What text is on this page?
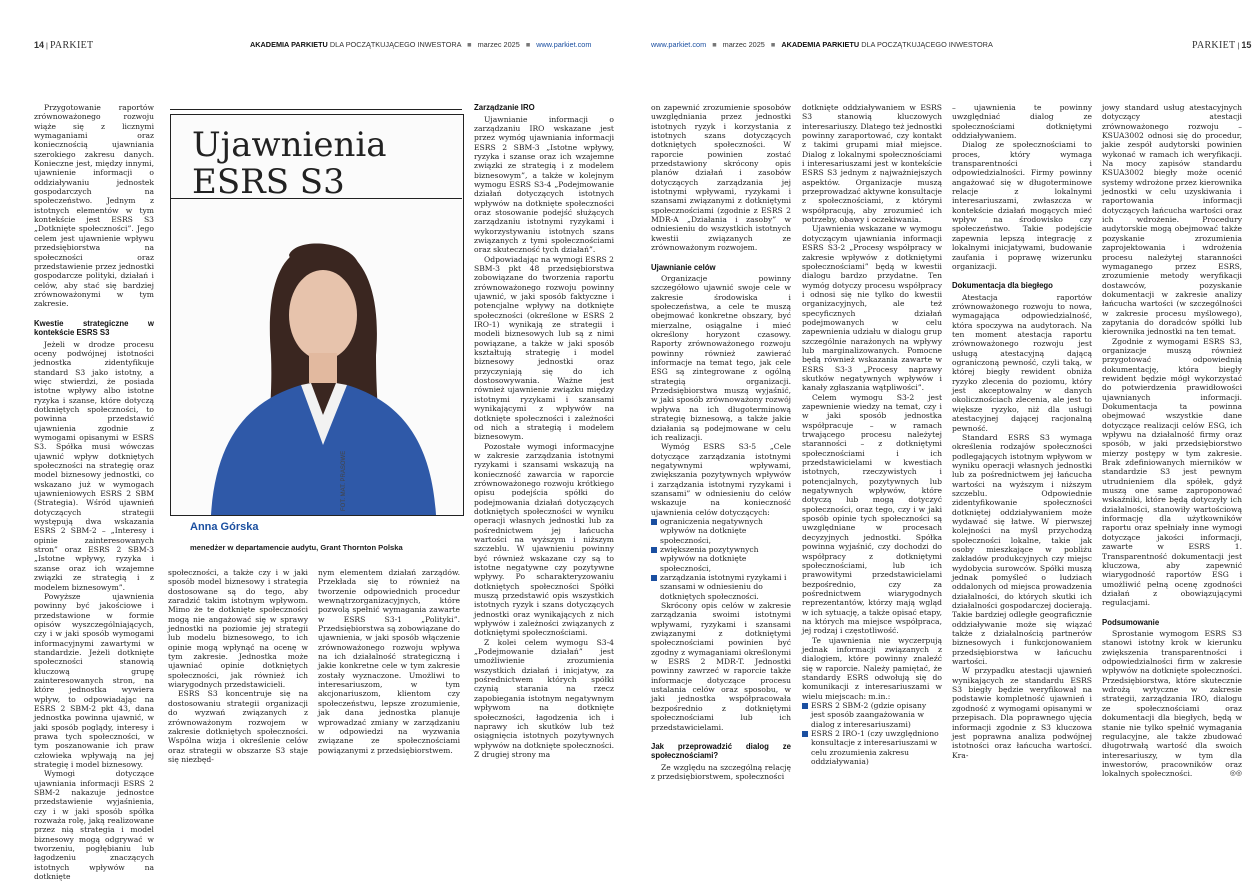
14 | PARKIET	AKADEMIA PARKIETU DLA POCZĄTKUJĄCEGO INWESTORA ■ marzec 2025 ■ www.parkiet.com

Przygotowanie raportów zrównoważonego rozwoju wiąże się z licznymi wymaganiami oraz koniecznością ujawniania szerokiego zakresu danych. Konieczne jest, między innymi, ujawnienie informacji o oddziaływaniu jednostek gospodarczych na społeczeństwo. Jednym z istotnych elementów w tym kontekście jest ESRS S3 „Dotknięte społeczności”. Jego celem jest ujawnienie wpływu przedsiębiorstwa na społeczności oraz przedstawienie przez jednostki gospodarcze polityki, działań i celów, aby stać się bardziej zrównoważonymi w tym zakresie.

Kwestie strategiczne w kontekście ESRS S3

Jeżeli w drodze procesu oceny podwójnej istotności jednostka zidentyfikuje standard S3 jako istotny, a więc stwierdzi, że posiada istotne wpływy albo istotne ryzyka i szanse, które dotyczą dotkniętych społeczności, to powinna przedstawić ujawnienia zgodnie z wymogami opisanymi w ESRS S3. Spółka musi wówczas ujawnić wpływ dotkniętych społeczności na strategię oraz model biznesowy jednostki, co wskazano już w wymogach ujawnieniowych ESRS 2 SBM (Strategia). Wśród ujawnień dotyczących strategii występują dwa wskazania ESRS 2 SBM-2 – „Interesy i opinie zainteresowanych stron” oraz ESRS 2 SBM-3 „Istotne wpływy, ryzyka i szanse oraz ich wzajemne związki ze strategią i z modelem biznesowym”.

Powyższe ujawnienia powinny być jakościowe i przedstawione w formie opisów wyszczególniających, czy i w jaki sposób wymogami informacyjnymi zawartymi w standardzie. Jeżeli dotknięte społeczności stanowią kluczową grupę zainteresowanych stron, na które jednostka wywiera wpływ, to odpowiadając na ESRS 2 SBM-2 pkt 43, dana jednostka powinna ujawnić, w jaki sposób poglądy, interesy i prawa tych społeczności, w tym poszanowanie ich praw człowieka wpływają na jej strategię i model biznesowy.

Wymogi dotyczące ujawniania informacji ESRS 2 SBM-2 nakazuje jednostce przedstawienie wyjaśnienia, czy i w jaki sposób spółka rozważa rolę, jaką realizowane przez nią strategia i model biznesowy mogą odgrywać w tworzeniu, pogłębianiu lub łagodzeniu znaczących istotnych wpływów na dotknięte

FOT. MAT. PRASOWE
Ujawnienia
ESRS S3
Anna Górska
menedżer w departamencie audytu, Grant Thornton Polska

społeczności, a także czy i w jaki sposób model biznesowy i strategia dostosowane są do tego, aby zaradzić takim istotnym wpływom. Mimo że te dotknięte społeczności mogą nie angażować się w sprawy jednostki na poziomie jej strategii lub modelu biznesowego, to ich opinie mogą wpłynąć na ocenę w tym zakresie. Jednostka może ujawniać opinie dotkniętych społeczności, jak również ich wiarygodnych przedstawicieli.

ESRS S3 koncentruje się na dostosowaniu strategii organizacji do wyzwań związanych z zrównoważonym rozwojem w zakresie dotkniętych społeczności. Wspólna wizja i określenie celów oraz strategii w obszarze S3 staje się niezbęd-

nym elementem działań zarządów. Przekłada się to również na tworzenie odpowiednich procedur wewnątrzorganizacyjnych, które pozwolą spełnić wymagania zawarte w ESRS S3-1 „Polityki”. Przedsiębiorstwa są zobowiązane do ujawnienia, w jaki sposób włączenie zrównoważonego rozwoju wpływa na ich działalność strategiczną i jakie konkretne cele w tym zakresie zostały wyznaczone. Umożliwi to interesariuszom, w tym akcjonariuszom, klientom czy społeczeństwu, lepsze zrozumienie, jak dana jednostka planuje wprowadzać zmiany w zarządzaniu w odpowiedzi na wyzwania związane ze społecznościami powiązanymi z przedsiębiorstwem.

Zarządzanie IRO

Ujawnianie informacji o zarządzaniu IRO wskazane jest przez wymóg ujawniania informacji ESRS 2 SBM-3 „Istotne wpływy, ryzyka i szanse oraz ich wzajemne związki ze strategią i z modelem biznesowym”, a także w kolejnym wymogu ESRS S3-4 „Podejmowanie działań dotyczących istotnych wpływów na dotknięte społeczności oraz stosowanie podejść służących zarządzaniu istotnymi ryzykami i wykorzystywaniu istotnych szans związanych z tymi społecznościami oraz skuteczność tych działań”.

Odpowiadając na wymogi ESRS 2 SBM-3 pkt 48 przedsiębiorstwa zobowiązane do tworzenia raportu zrównoważonego rozwoju powinny ujawnić, w jaki sposób faktyczne i potencjalne wpływy na dotknięte społeczności (określone w ESRS 2 IRO-1) wynikają ze strategii i modeli biznesowych lub są z nimi powiązane, a także w jaki sposób kształtują strategię i model biznesowy jednostki oraz przyczyniają się do ich dostosowywania. Ważne jest również ujawnienie związku między istotnymi ryzykami i szansami wynikającymi z wpływów na dotknięte społeczności i zależności od nich a strategią i modelem biznesowym.

Pozostałe wymogi informacyjne w zakresie zarządzania istotnymi ryzykami i szansami wskazują na konieczność zawarcia w raporcie zrównoważonego rozwoju krótkiego opisu podejścia spółki do podejmowania działań dotyczących dotkniętych społeczności w wyniku operacji własnych jednostki lub za pośrednictwem jej łańcucha wartości na wyższym i niższym szczeblu. W ujawnieniu powinny być również wskazane czy są to istotne negatywne czy pozytywne wpływy. Po scharakteryzowaniu dotkniętych społeczności Spółki muszą przedstawić opis wszystkich istotnych ryzyk i szans dotyczących jednostki oraz wynikających z nich wpływów i zależności związanych z dotkniętymi społecznościami.

Z kolei celem wymogu S3-4 „Podejmowanie działań” jest umożliwienie zrozumienia wszystkich działań i inicjatyw, za pośrednictwem których spółki czynią starania na rzecz zapobiegania istotnym negatywnym wpływom na dotknięte społeczności, łagodzenia ich i naprawy ich skutków lub też osiągnięcia istotnych pozytywnych wpływów na dotknięte społeczności. Z drugiej strony ma

www.parkiet.com ■ marzec 2025 ■ AKADEMIA PARKIETU DLA POCZĄTKUJĄCEGO INWESTORA	PARKIET | 15

on zapewnić zrozumienie sposobów uwzględniania przez jednostki istotnych ryzyk i korzystania z istotnych szans dotyczących dotkniętych społeczności. W raporcie powinien zostać przedstawiony skrócony opis planów działań i zasobów dotyczących zarządzania jej istotnymi wpływami, ryzykami i szansami związanymi z dotkniętymi społecznościami (zgodnie z ESRS 2 MDR-A „Działania i zasoby” w odniesieniu do wszystkich istotnych kwestii związanych ze zrównoważonym rozwojem.

Ujawnianie celów

Organizacje powinny szczegółowo ujawnić swoje cele w zakresie środowiska i społeczeństwa, a cele te muszą obejmować konkretne obszary, być mierzalne, osiągalne i mieć określony horyzont czasowy. Raporty zrównoważonego rozwoju powinny również zawierać informacje na temat tego, jak cele ESG są zintegrowane z ogólną strategią organizacji. Przedsiębiorstwa muszą wyjaśnić, w jaki sposób zrównoważony rozwój wpływa na ich długoterminową strategię biznesową, a także jakie działania są podejmowane w celu ich realizacji.

Wymóg ESRS S3-5 „Cele dotyczące zarządzania istotnymi negatywnymi wpływami, zwiększania pozytywnych wpływów i zarządzania istotnymi ryzykami i szansami” w odniesieniu do celów wskazuje na konieczność ujawnienia celów dotyczących:

ograniczenia negatywnych wpływów na dotknięte społeczności,
zwiększenia pozytywnych wpływów na dotknięte społeczności,
zarządzania istotnymi ryzykami i szansami w odniesieniu do dotkniętych społeczności.

Skrócony opis celów w zakresie zarządzania swoimi istotnymi wpływami, ryzykami i szansami związanymi z dotkniętymi społecznościami powinien być zgodny z wymaganiami określonymi w ESRS 2 MDR-T. Jednostki powinny zawrzeć w raporcie także informacje dotyczące procesu ustalania celów oraz sposobu, w jaki jednostka współpracowała bezpośrednio z dotkniętymi społecznościami lub ich przedstawicielami.

Jak przeprowadzić dialog ze społecznościami?

Ze względu na szczególną relację z przedsiębiorstwem, społeczności

dotknięte oddziaływaniem w ESRS S3 stanowią kluczowych interesariuszy. Dlatego też jednostki powinny zaraportować, czy kontakt z takimi grupami miał miejsce. Dialog z lokalnymi społecznościami i interesariuszami jest w kontekście ESRS S3 jednym z najważniejszych aspektów. Organizacje muszą przeprowadzać aktywne konsultacje z społecznościami, z którymi współpracują, aby zrozumieć ich potrzeby, obawy i oczekiwania.

Ujawnienia wskazane w wymogu dotyczącym ujawniania informacji ESRS S3-2 „Procesy współpracy w zakresie wpływów z dotkniętymi społecznościami” będą w kwestii dialogu bardzo przydatne. Ten wymóg dotyczy procesu współpracy i odnosi się nie tylko do kwestii organizacyjnych, ale też specyficznych działań podejmowanych w celu zapewnienia udziału w dialogu grup szczególnie narażonych na wpływy lub marginalizowanych. Pomocne będą również wskazania zawarte w ESRS S3-3 „Procesy naprawy skutków negatywnych wpływów i kanały zgłaszania wątpliwości”.

Celem wymogu S3-2 jest zapewnienie wiedzy na temat, czy i w jaki sposób jednostka współpracuje – w ramach trwającego procesu należytej staranności – z dotkniętymi społecznościami i ich przedstawicielami w kwestiach istotnych, rzeczywistych i potencjalnych, pozytywnych lub negatywnych wpływów, które dotyczą lub mogą dotyczyć społeczności, oraz tego, czy i w jaki sposób opinie tych społeczności są uwzględniane w procesach decyzyjnych jednostki. Spółka powinna wyjaśnić, czy dochodzi do współpracy z dotkniętymi społecznościami, lub ich prawowitymi przedstawicielami bezpośrednio, czy za pośrednictwem wiarygodnych reprezentantów, którzy mają wgląd w ich sytuację, a także opisać etapy, na których ma miejsce współpraca, jej rodzaj i częstotliwość.

Te ujawnienia nie wyczerpują jednak informacji związanych z dialogiem, które powinny znaleźć się w raporcie. Należy pamiętać, że standardy ESRS odwołują się do komunikacji z interesariuszami w wielu miejscach: m.in.:

ESRS 2 SBM-2 (gdzie opisany jest sposób zaangażowania w dialog z interesariuszami)
ESRS 2 IRO-1 (czy uwzględniono konsultacje z interesariuszami w celu zrozumienia zakresu oddziaływania)

– ujawnienia te powinny uwzględniać dialog ze społecznościami dotkniętymi oddziaływaniem.

Dialog ze społecznościami to proces, który wymaga transparentności i odpowiedzialności. Firmy powinny angażować się w długoterminowe relacje z lokalnymi interesariuszami, zwłaszcza w kontekście działań mogących mieć wpływ na środowisko czy społeczeństwo. Takie podejście zapewnia lepszą integrację z lokalnymi inicjatywami, budowanie zaufania i poprawę wizerunku organizacji.

Dokumentacja dla biegłego

Atestacja raportów zrównoważonego rozwoju to nowa, wymagająca odpowiedzialność, która spoczywa na audytorach. Na ten moment atestacja raportu zrównoważonego rozwoju jest usługą atestacyjną dającą ograniczoną pewność, czyli taką, w której biegły rewident obniża ryzyko zlecenia do poziomu, który jest akceptowalny w danych okolicznościach zlecenia, ale jest to większe ryzyko, niż dla usługi atestacyjnej dającej racjonalną pewność.

Standard ESRS S3 wymaga określenia rodzajów społeczności podlegających istotnym wpływom w wyniku operacji własnych jednostki lub za pośrednictwem jej łańcucha wartości na wyższym i niższym szczeblu. Odpowiednie zidentyfikowanie społeczności dotkniętej oddziaływaniem może wydawać się łatwe. W pierwszej kolejności na myśl przychodzą społeczności lokalne, takie jak osoby mieszkające w pobliżu zakładów produkcyjnych czy miejsc wydobycia surowców. Spółki muszą jednak pomyśleć o ludziach oddalonych od miejsca prowadzenia działalności, do których skutki ich działalności gospodarczej docierają. Takie bardziej odległe geograficznie oddziaływanie może się wiązać także z działalnością partnerów biznesowych i funkcjonowaniem przedsiębiorstwa w łańcuchu wartości.

W przypadku atestacji ujawnień wynikających ze standardu ESRS S3 biegły będzie weryfikował na podstawie kompletność ujawnień i zgodność z wymogami opisanymi w przepisach. Dla poprawnego ujęcia informacji zgodnie z S3 kluczowa jest poprawna analiza podwójnej istotności oraz łańcucha wartości. Kra-

jowy standard usług atestacyjnych dotyczący atestacji zrównoważonego rozwoju – KSUA3002 odnosi się do procedur, jakie zespół audytorski powinien wykonać w ramach ich weryfikacji. Na mocy zapisów standardu KSUA3002 biegły może ocenić systemy wdrożone przez kierownika jednostki w celu uzyskiwania i raportowania informacji dotyczących łańcucha wartości oraz ich wdrożenie. Procedury audytorskie mogą obejmować także pozyskanie zrozumienia zaprojektowania i wdrożenia procesu należytej staranności wymaganego przez ESRS, zrozumienie metody weryfikacji dostawców, pozyskanie dokumentacji w zakresie analizy łańcucha wartości (w szczególności w zakresie procesu myślowego), zapytania do doradców spółki lub kierownika jednostki na ten temat.

Zgodnie z wymogami ESRS S3, organizacje muszą również przygotować odpowiednią dokumentację, która biegły rewident będzie mógł wykorzystać do potwierdzenia prawidłowości ujawnianych informacji. Dokumentacja ta powinna obejmować wszystkie dane dotyczące realizacji celów ESG, ich wpływu na działalność firmy oraz sposób, w jaki przedsiębiorstwo mierzy postępy w tym zakresie. Brak zdefiniowanych mierników w standardzie S3 jest pewnym utrudnieniem dla spółek, gdyż muszą one same zaproponować wskaźniki, które będą dotyczyły ich działalności, stanowiły wartościową informację dla użytkowników raportu oraz spełniały inne wymogi dotyczące jakości informacji, zawarte w ESRS 1. Transparentność dokumentacji jest kluczowa, aby zapewnić wiarygodność raportów ESG i umożliwić pełną ocenę zgodności działań z obowiązującymi regulacjami.

Podsumowanie

Sprostanie wymogom ESRS S3 stanowi istotny krok w kierunku zwiększenia transparentności i odpowiedzialności firm w zakresie wpływów na dotknięte społeczności. Przedsiębiorstwa, które skutecznie wdrożą wytyczne w zakresie strategii, zarządzania IRO, dialogu ze społecznościami oraz dokumentacji dla biegłych, będą w stanie nie tylko spełnić wymagania regulacyjne, ale także zbudować długotrwałą wartość dla swoich interesariuszy, w tym dla inwestorów, pracowników oraz lokalnych społeczności.	◎◎
